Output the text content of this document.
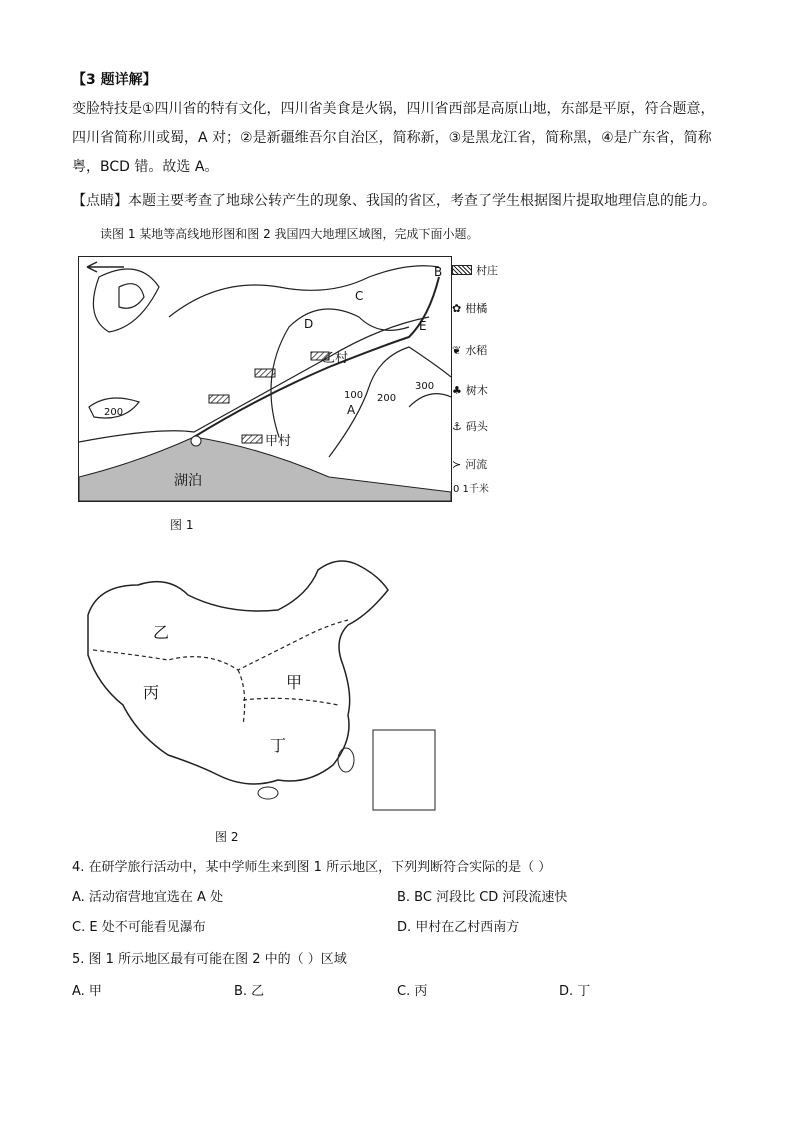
【3 题详解】
变脸特技是①四川省的特有文化，四川省美食是火锅，四川省西部是高原山地，东部是平原，符合题意，
四川省简称川或蜀，A 对；②是新疆维吾尔自治区，简称新，③是黑龙江省，简称黑，④是广东省，简称
粤，BCD 错。故选 A。
【点睛】本题主要考查了地球公转产生的现象、我国的省区，考查了学生根据图片提取地理信息的能力。
读图 1 某地等高线地形图和图 2 我国四大地理区域图，完成下面小题。
湖泊
乙村
甲村
B
C
D	E
A
100 200
200
300
村庄
✿ 柑橘
❦ 水稻
♣ 树木
⚓ 码头
≻ 河流
0 1千米
图 1
乙
丙
甲
丁
图 2
4. 在研学旅行活动中，某中学师生来到图 1 所示地区，下列判断符合实际的是（ ）
A. 活动宿营地宜选在 A 处	B. BC 河段比 CD 河段流速快
C. E 处不可能看见瀑布	D. 甲村在乙村西南方
5. 图 1 所示地区最有可能在图 2 中的（ ）区域
A. 甲	B. 乙	C. 丙	D. 丁
